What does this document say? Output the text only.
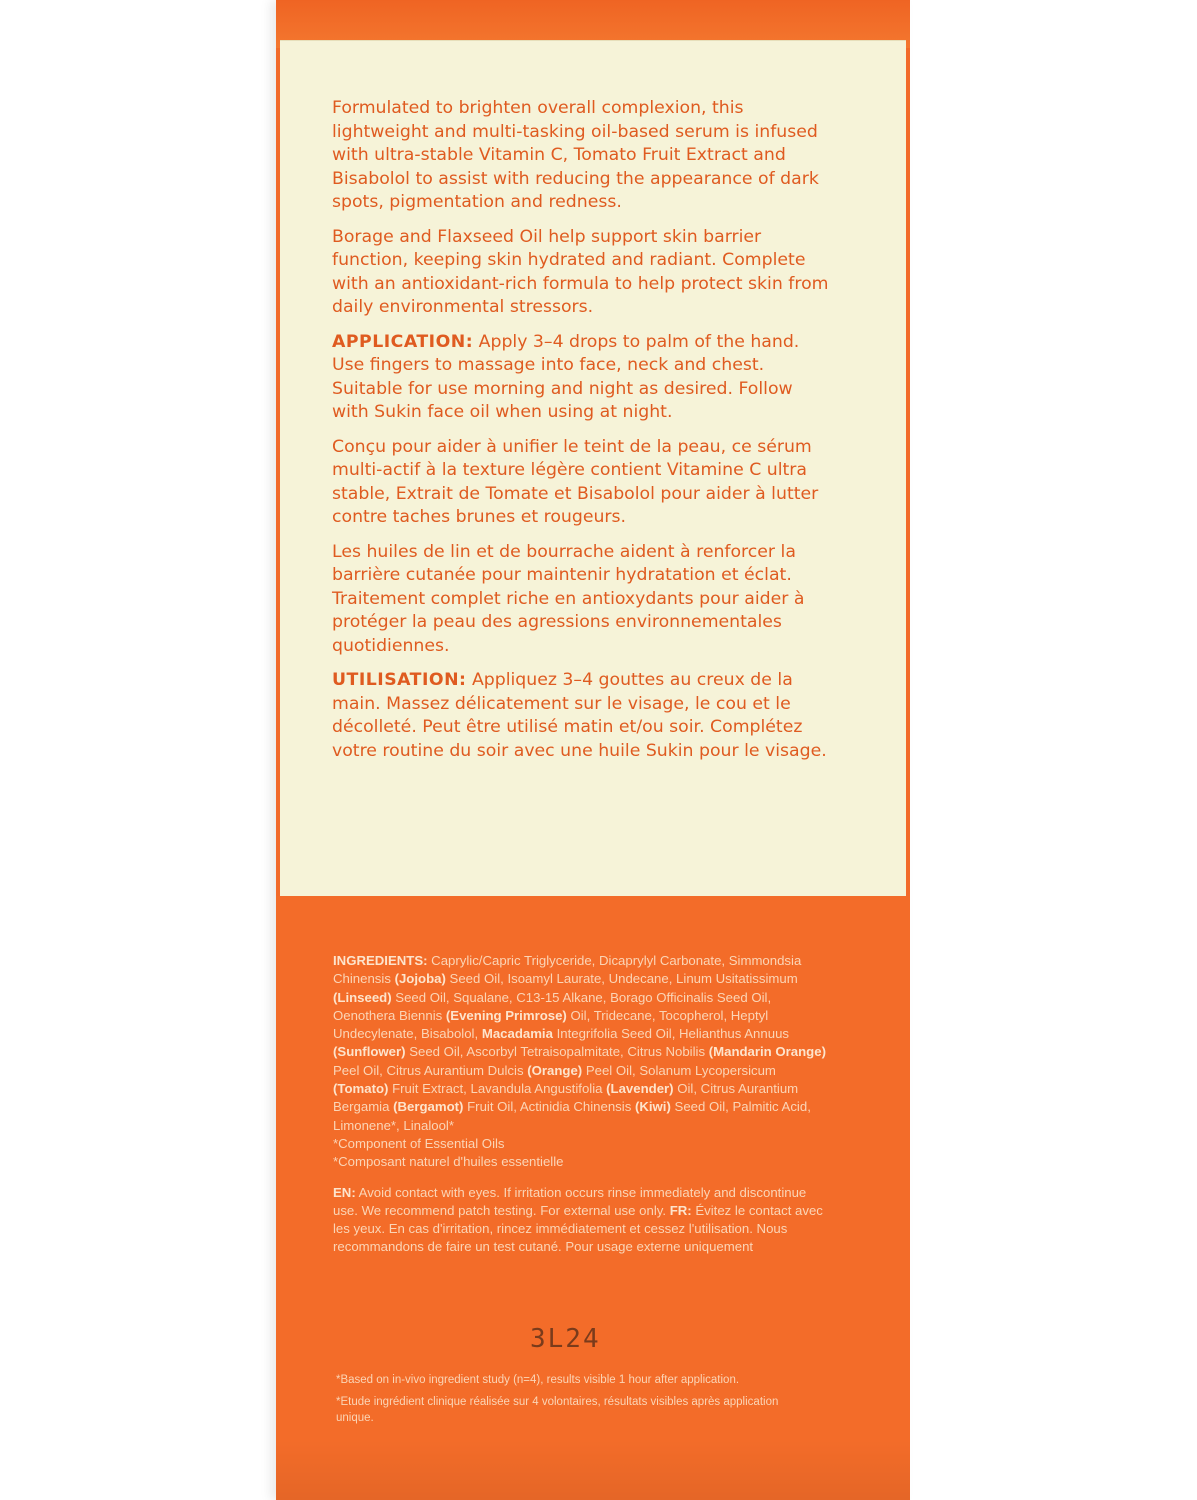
Formulated to brighten overall complexion, this lightweight and multi-tasking oil-based serum is infused with ultra-stable Vitamin C, Tomato Fruit Extract and Bisabolol to assist with reducing the appearance of dark spots, pigmentation and redness.

Borage and Flaxseed Oil help support skin barrier function, keeping skin hydrated and radiant. Complete with an antioxidant-rich formula to help protect skin from daily environmental stressors.

APPLICATION: Apply 3–4 drops to palm of the hand. Use fingers to massage into face, neck and chest. Suitable for use morning and night as desired. Follow with Sukin face oil when using at night.

Conçu pour aider à unifier le teint de la peau, ce sérum multi-actif à la texture légère contient Vitamine C ultra stable, Extrait de Tomate et Bisabolol pour aider à lutter contre taches brunes et rougeurs.

Les huiles de lin et de bourrache aident à renforcer la barrière cutanée pour maintenir hydratation et éclat. Traitement complet riche en antioxydants pour aider à protéger la peau des agressions environnementales quotidiennes.

UTILISATION: Appliquez 3–4 gouttes au creux de la main. Massez délicatement sur le visage, le cou et le décolleté. Peut être utilisé matin et/ou soir. Complétez votre routine du soir avec une huile Sukin pour le visage.

INGREDIENTS: Caprylic/Capric Triglyceride, Dicaprylyl Carbonate, Simmondsia Chinensis (Jojoba) Seed Oil, Isoamyl Laurate, Undecane, Linum Usitatissimum (Linseed) Seed Oil, Squalane, C13-15 Alkane, Borago Officinalis Seed Oil, Oenothera Biennis (Evening Primrose) Oil, Tridecane, Tocopherol, Heptyl Undecylenate, Bisabolol, Macadamia Integrifolia Seed Oil, Helianthus Annuus (Sunflower) Seed Oil, Ascorbyl Tetraisopalmitate, Citrus Nobilis (Mandarin Orange) Peel Oil, Citrus Aurantium Dulcis (Orange) Peel Oil, Solanum Lycopersicum (Tomato) Fruit Extract, Lavandula Angustifolia (Lavender) Oil, Citrus Aurantium Bergamia (Bergamot) Fruit Oil, Actinidia Chinensis (Kiwi) Seed Oil, Palmitic Acid, Limonene*, Linalool*
*Component of Essential Oils
*Composant naturel d'huiles essentielle

EN: Avoid contact with eyes. If irritation occurs rinse immediately and discontinue use. We recommend patch testing. For external use only. FR: Évitez le contact avec les yeux. En cas d'irritation, rincez immédiatement et cessez l'utilisation. Nous recommandons de faire un test cutané. Pour usage externe uniquement

3L24

*Based on in-vivo ingredient study (n=4), results visible 1 hour after application.

*Etude ingrédient clinique réalisée sur 4 volontaires, résultats visibles après application unique.
